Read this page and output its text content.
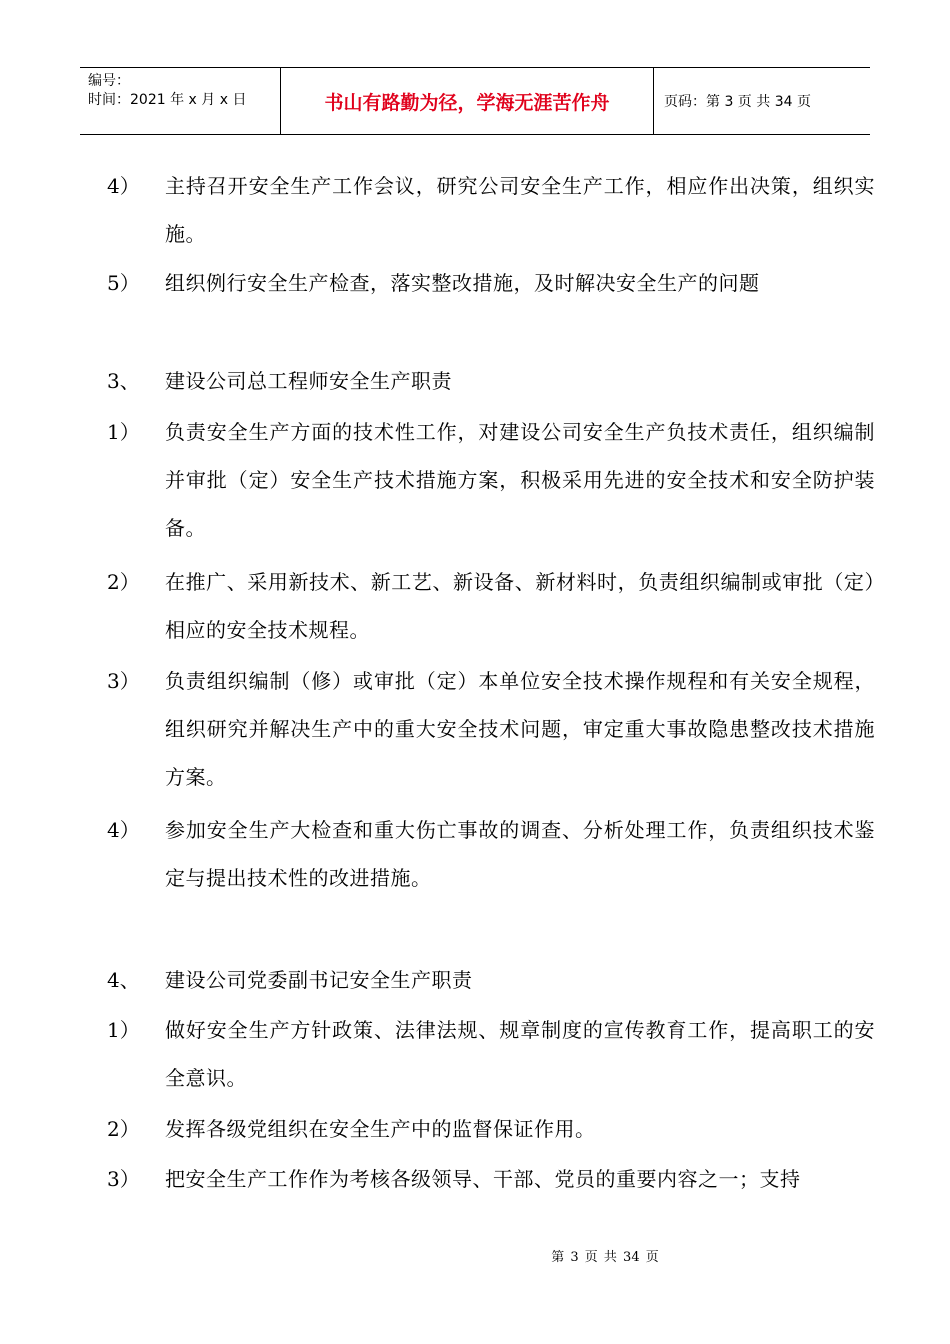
编号：
时间：2021 年 x 月 x 日	书山有路勤为径，学海无涯苦作舟	页码：第 3 页 共 34 页
4） 主持召开安全生产工作会议，研究公司安全生产工作，相应作出决策，组织实施。
5） 组织例行安全生产检查，落实整改措施，及时解决安全生产的问题
3、 建设公司总工程师安全生产职责
1） 负责安全生产方面的技术性工作，对建设公司安全生产负技术责任，组织编制并审批（定）安全生产技术措施方案，积极采用先进的安全技术和安全防护装备。
2） 在推广、采用新技术、新工艺、新设备、新材料时，负责组织编制或审批（定）相应的安全技术规程。
3） 负责组织编制（修）或审批（定）本单位安全技术操作规程和有关安全规程，组织研究并解决生产中的重大安全技术问题，审定重大事故隐患整改技术措施方案。
4） 参加安全生产大检查和重大伤亡事故的调查、分析处理工作，负责组织技术鉴定与提出技术性的改进措施。
4、 建设公司党委副书记安全生产职责
1） 做好安全生产方针政策、法律法规、规章制度的宣传教育工作，提高职工的安全意识。
2） 发挥各级党组织在安全生产中的监督保证作用。
3） 把安全生产工作作为考核各级领导、干部、党员的重要内容之一；支持
第 3 页 共 34 页
